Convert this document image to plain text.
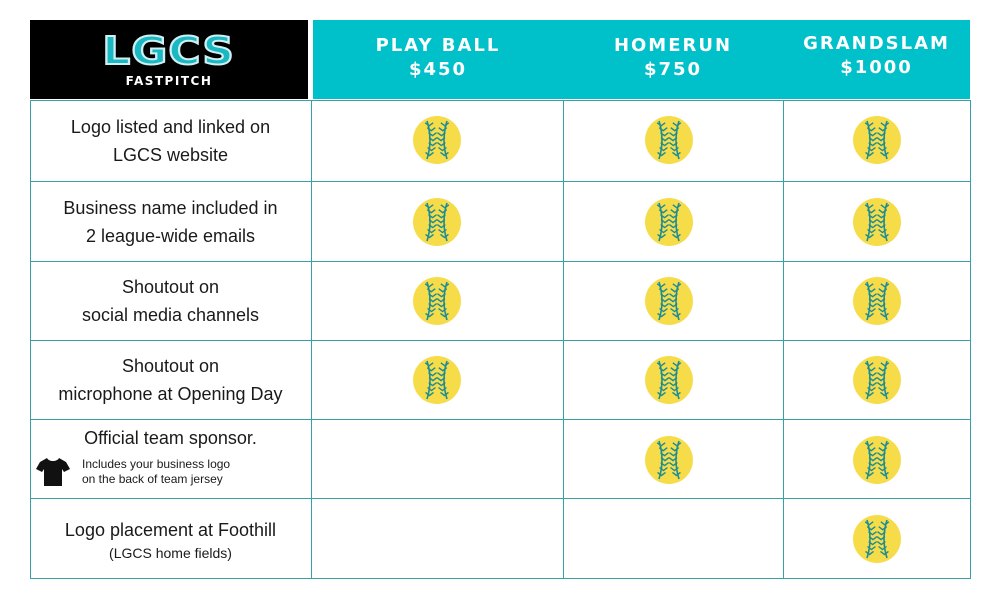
LGCS
FASTPITCH
PLAY BALL
$450
HOMERUN
$750
GRANDSLAM
$1000
Logo listed and linked on
LGCS website
Business name included in
2 league-wide emails
Shoutout on
social media channels
Shoutout on
microphone at Opening Day
Official team sponsor.
Includes your business logo
on the back of team jersey
Logo placement at Foothill
(LGCS home fields)
